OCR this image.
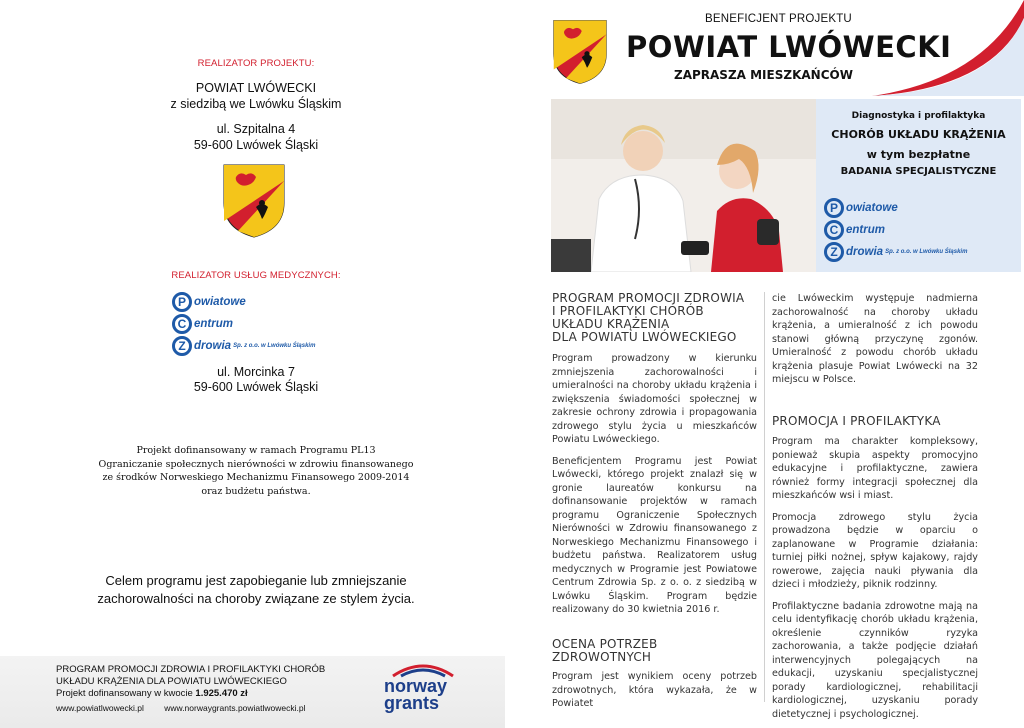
REALIZATOR PROJEKTU:
POWIAT LWÓWECKI
z siedzibą we Lwówku Śląskim
ul. Szpitalna 4
59-600 Lwówek Śląski
REALIZATOR USŁUG MEDYCZNYCH:
P owiatowe
C entrum
Z drowia Sp. z o.o. w Lwówku Śląskim
ul. Morcinka 7
59-600 Lwówek Śląski
Projekt dofinansowany w ramach Programu PL13
Ograniczanie społecznych nierówności w zdrowiu finansowanego
ze środków Norweskiego Mechanizmu Finansowego 2009-2014
oraz budżetu państwa.
Celem programu jest zapobieganie lub zmniejszanie
zachorowalności na choroby związane ze stylem życia.
PROGRAM PROMOCJI ZDROWIA I PROFILAKTYKI CHORÓB
UKŁADU KRĄŻENIA DLA POWIATU LWÓWECKIEGO
Projekt dofinansowany w kwocie 1.925.470 zł
www.powiatlwowecki.pl www.norwaygrants.powiatlwowecki.pl
norway
grants
BENEFICJENT PROJEKTU
POWIAT LWÓWECKI
ZAPRASZA MIESZKAŃCÓW
Diagnostyka i profilaktyka
CHORÓB UKŁADU KRĄŻENIA
w tym bezpłatne
BADANIA SPECJALISTYCZNE
P owiatowe
C entrum
Z drowia Sp. z o.o. w Lwówku Śląskim
PROGRAM PROMOCJI ZDROWIA
I PROFILAKTYKI CHORÓB
UKŁADU KRĄŻENIA
DLA POWIATU LWÓWECKIEGO

Program prowadzony w kierunku zmniejszenia zachorowalności i umieralności na choroby układu krążenia i zwiększenia świadomości społecznej w zakresie ochrony zdrowia i propagowania zdrowego stylu życia u mieszkańców Powiatu Lwóweckiego.

Beneficjentem Programu jest Powiat Lwówecki, którego projekt znalazł się w gronie laureatów konkursu na dofinansowanie projektów w ramach programu Ograniczenie Społecznych Nierówności w Zdrowiu finansowanego z Norweskiego Mechanizmu Finansowego i budżetu państwa. Realizatorem usług medycznych w Programie jest Powiatowe Centrum Zdrowia Sp. z o. o. z siedzibą w Lwówku Śląskim. Program będzie realizowany do 30 kwietnia 2016 r.

OCENA POTRZEB
ZDROWOTNYCH

Program jest wynikiem oceny potrzeb zdrowotnych, która wykazała, że w Powiatet

cie Lwóweckim występuje nadmierna zachorowalność na choroby układu krążenia, a umieralność z ich powodu stanowi główną przyczynę zgonów. Umieralność z powodu chorób układu krążenia plasuje Powiat Lwówecki na 32 miejscu w Polsce.

PROMOCJA I PROFILAKTYKA

Program ma charakter kompleksowy, ponieważ skupia aspekty promocyjno edukacyjne i profilaktyczne, zawiera również formy integracji społecznej dla mieszkańców wsi i miast.

Promocja zdrowego stylu życia prowadzona będzie w oparciu o zaplanowane w Programie działania: turniej piłki nożnej, spływ kajakowy, rajdy rowerowe, zajęcia nauki pływania dla dzieci i młodzieży, piknik rodzinny.

Profilaktyczne badania zdrowotne mają na celu identyfikację chorób układu krążenia, określenie czynników ryzyka zachorowania, a także podjęcie działań interwencyjnych polegających na edukacji, uzyskaniu specjalistycznej porady kardiologicznej, rehabilitacji kardiologicznej, uzyskaniu porady dietetycznej i psychologicznej.
